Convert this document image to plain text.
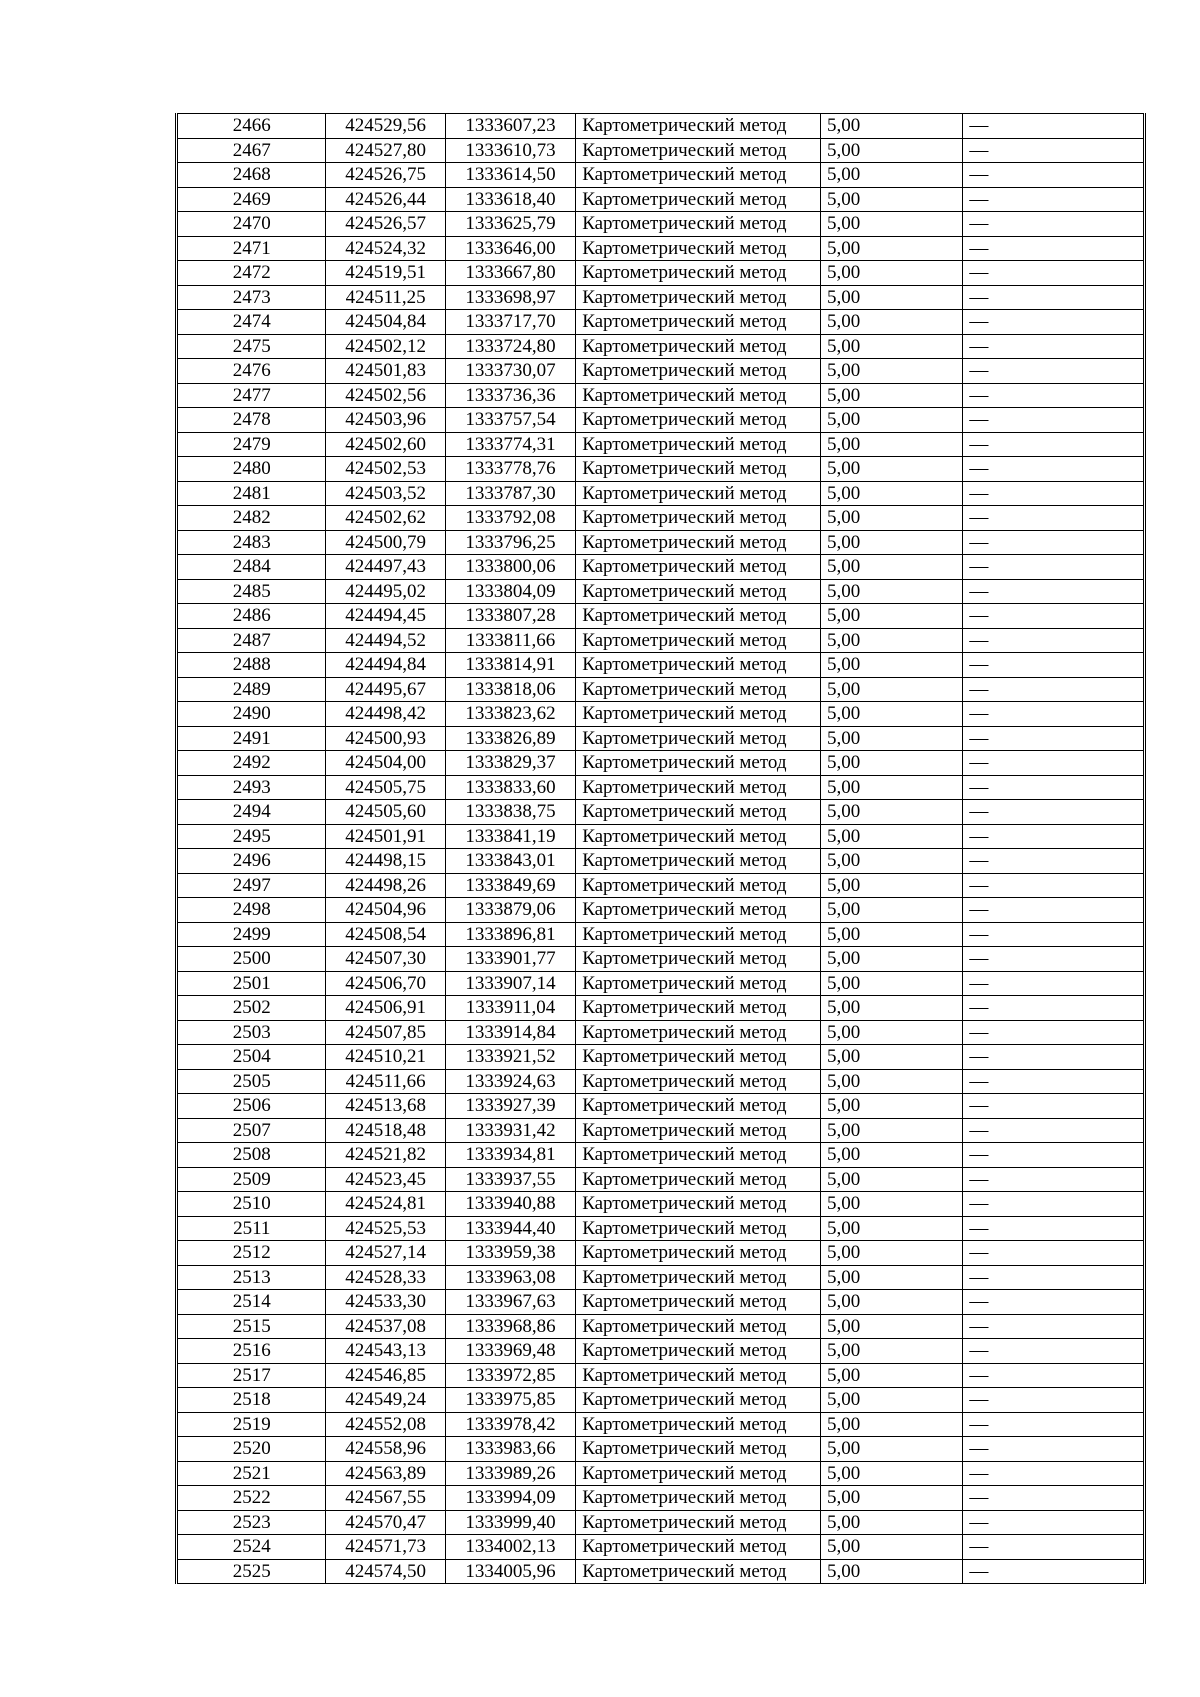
2466	424529,56	1333607,23	Картометрический метод	5,00	—
2467	424527,80	1333610,73	Картометрический метод	5,00	—
2468	424526,75	1333614,50	Картометрический метод	5,00	—
2469	424526,44	1333618,40	Картометрический метод	5,00	—
2470	424526,57	1333625,79	Картометрический метод	5,00	—
2471	424524,32	1333646,00	Картометрический метод	5,00	—
2472	424519,51	1333667,80	Картометрический метод	5,00	—
2473	424511,25	1333698,97	Картометрический метод	5,00	—
2474	424504,84	1333717,70	Картометрический метод	5,00	—
2475	424502,12	1333724,80	Картометрический метод	5,00	—
2476	424501,83	1333730,07	Картометрический метод	5,00	—
2477	424502,56	1333736,36	Картометрический метод	5,00	—
2478	424503,96	1333757,54	Картометрический метод	5,00	—
2479	424502,60	1333774,31	Картометрический метод	5,00	—
2480	424502,53	1333778,76	Картометрический метод	5,00	—
2481	424503,52	1333787,30	Картометрический метод	5,00	—
2482	424502,62	1333792,08	Картометрический метод	5,00	—
2483	424500,79	1333796,25	Картометрический метод	5,00	—
2484	424497,43	1333800,06	Картометрический метод	5,00	—
2485	424495,02	1333804,09	Картометрический метод	5,00	—
2486	424494,45	1333807,28	Картометрический метод	5,00	—
2487	424494,52	1333811,66	Картометрический метод	5,00	—
2488	424494,84	1333814,91	Картометрический метод	5,00	—
2489	424495,67	1333818,06	Картометрический метод	5,00	—
2490	424498,42	1333823,62	Картометрический метод	5,00	—
2491	424500,93	1333826,89	Картометрический метод	5,00	—
2492	424504,00	1333829,37	Картометрический метод	5,00	—
2493	424505,75	1333833,60	Картометрический метод	5,00	—
2494	424505,60	1333838,75	Картометрический метод	5,00	—
2495	424501,91	1333841,19	Картометрический метод	5,00	—
2496	424498,15	1333843,01	Картометрический метод	5,00	—
2497	424498,26	1333849,69	Картометрический метод	5,00	—
2498	424504,96	1333879,06	Картометрический метод	5,00	—
2499	424508,54	1333896,81	Картометрический метод	5,00	—
2500	424507,30	1333901,77	Картометрический метод	5,00	—
2501	424506,70	1333907,14	Картометрический метод	5,00	—
2502	424506,91	1333911,04	Картометрический метод	5,00	—
2503	424507,85	1333914,84	Картометрический метод	5,00	—
2504	424510,21	1333921,52	Картометрический метод	5,00	—
2505	424511,66	1333924,63	Картометрический метод	5,00	—
2506	424513,68	1333927,39	Картометрический метод	5,00	—
2507	424518,48	1333931,42	Картометрический метод	5,00	—
2508	424521,82	1333934,81	Картометрический метод	5,00	—
2509	424523,45	1333937,55	Картометрический метод	5,00	—
2510	424524,81	1333940,88	Картометрический метод	5,00	—
2511	424525,53	1333944,40	Картометрический метод	5,00	—
2512	424527,14	1333959,38	Картометрический метод	5,00	—
2513	424528,33	1333963,08	Картометрический метод	5,00	—
2514	424533,30	1333967,63	Картометрический метод	5,00	—
2515	424537,08	1333968,86	Картометрический метод	5,00	—
2516	424543,13	1333969,48	Картометрический метод	5,00	—
2517	424546,85	1333972,85	Картометрический метод	5,00	—
2518	424549,24	1333975,85	Картометрический метод	5,00	—
2519	424552,08	1333978,42	Картометрический метод	5,00	—
2520	424558,96	1333983,66	Картометрический метод	5,00	—
2521	424563,89	1333989,26	Картометрический метод	5,00	—
2522	424567,55	1333994,09	Картометрический метод	5,00	—
2523	424570,47	1333999,40	Картометрический метод	5,00	—
2524	424571,73	1334002,13	Картометрический метод	5,00	—
2525	424574,50	1334005,96	Картометрический метод	5,00	—
